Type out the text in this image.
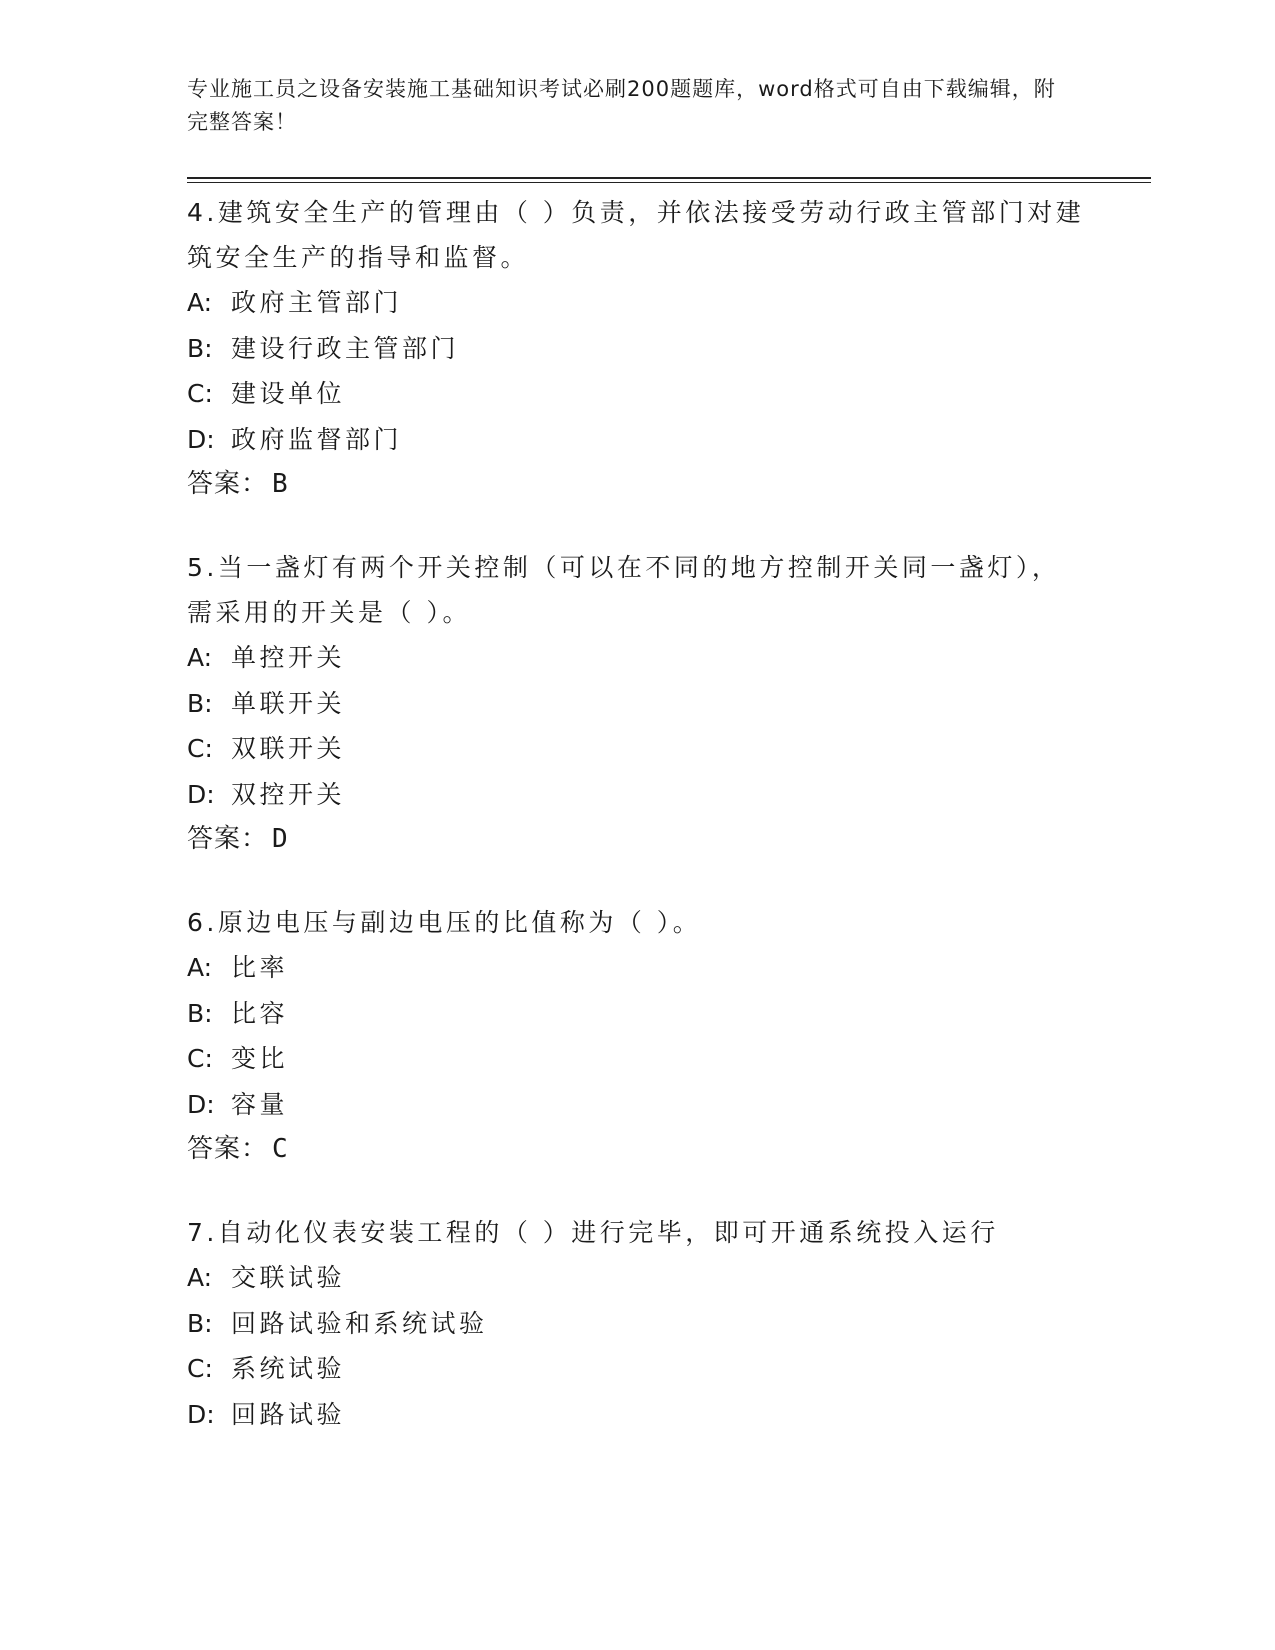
专业施工员之设备安装施工基础知识考试必刷200题题库，word格式可自由下载编辑，附完整答案！

4.建筑安全生产的管理由（ ）负责，并依法接受劳动行政主管部门对建筑安全生产的指导和监督。

A: 政府主管部门

B: 建设行政主管部门

C: 建设单位

D: 政府监督部门

答案： B

5.当一盏灯有两个开关控制（可以在不同的地方控制开关同一盏灯），需采用的开关是（ ）。

A: 单控开关

B: 单联开关

C: 双联开关

D: 双控开关

答案： D

6.原边电压与副边电压的比值称为（ ）。

A: 比率

B: 比容

C: 变比

D: 容量

答案： C

7.自动化仪表安装工程的（ ）进行完毕，即可开通系统投入运行

A: 交联试验

B: 回路试验和系统试验

C: 系统试验

D: 回路试验
